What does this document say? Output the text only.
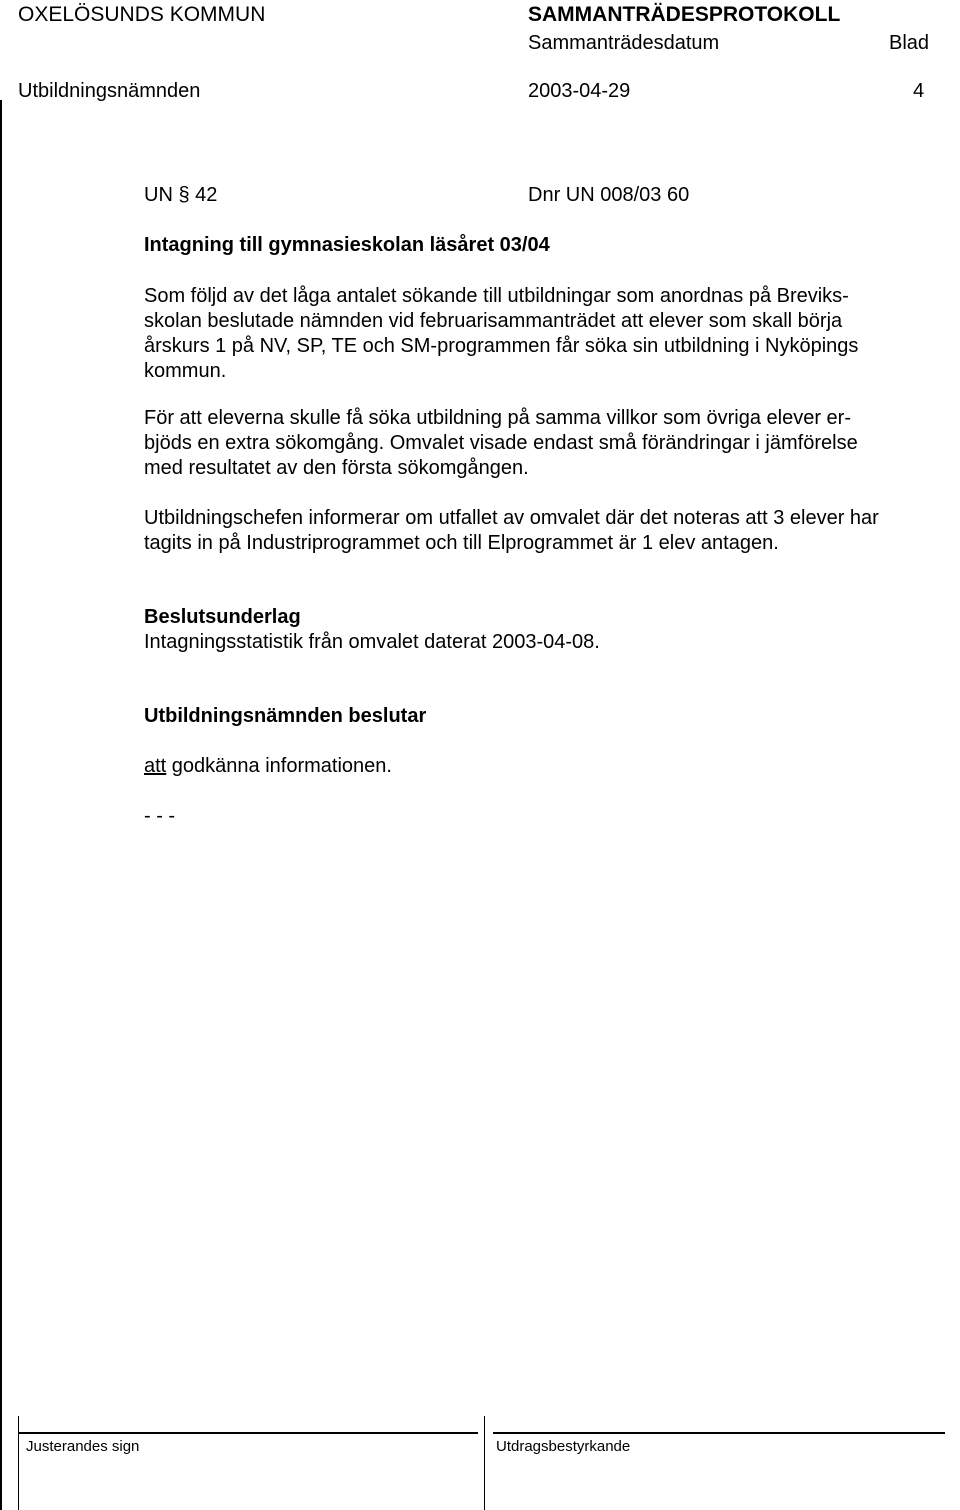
OXELÖSUNDS KOMMUN	SAMMANTRÄDESPROTOKOLL
Sammanträdesdatum	Blad
Utbildningsnämnden	2003-04-29	4
UN § 42	Dnr UN 008/03 60
Intagning till gymnasieskolan läsåret 03/04
Som följd av det låga antalet sökande till utbildningar som anordnas på Breviks-
skolan beslutade nämnden vid februarisammanträdet att elever som skall börja
årskurs 1 på NV, SP, TE och SM-programmen får söka sin utbildning i Nyköpings
kommun.
För att eleverna skulle få söka utbildning på samma villkor som övriga elever er-
bjöds en extra sökomgång. Omvalet visade endast små förändringar i jämförelse
med resultatet av den första sökomgången.
Utbildningschefen informerar om utfallet av omvalet där det noteras att 3 elever har
tagits in på Industriprogrammet och till Elprogrammet är 1 elev antagen.
Beslutsunderlag
Intagningsstatistik från omvalet daterat 2003-04-08.
Utbildningsnämnden beslutar
att godkänna informationen.
- - -
Justerandes sign	Utdragsbestyrkande
